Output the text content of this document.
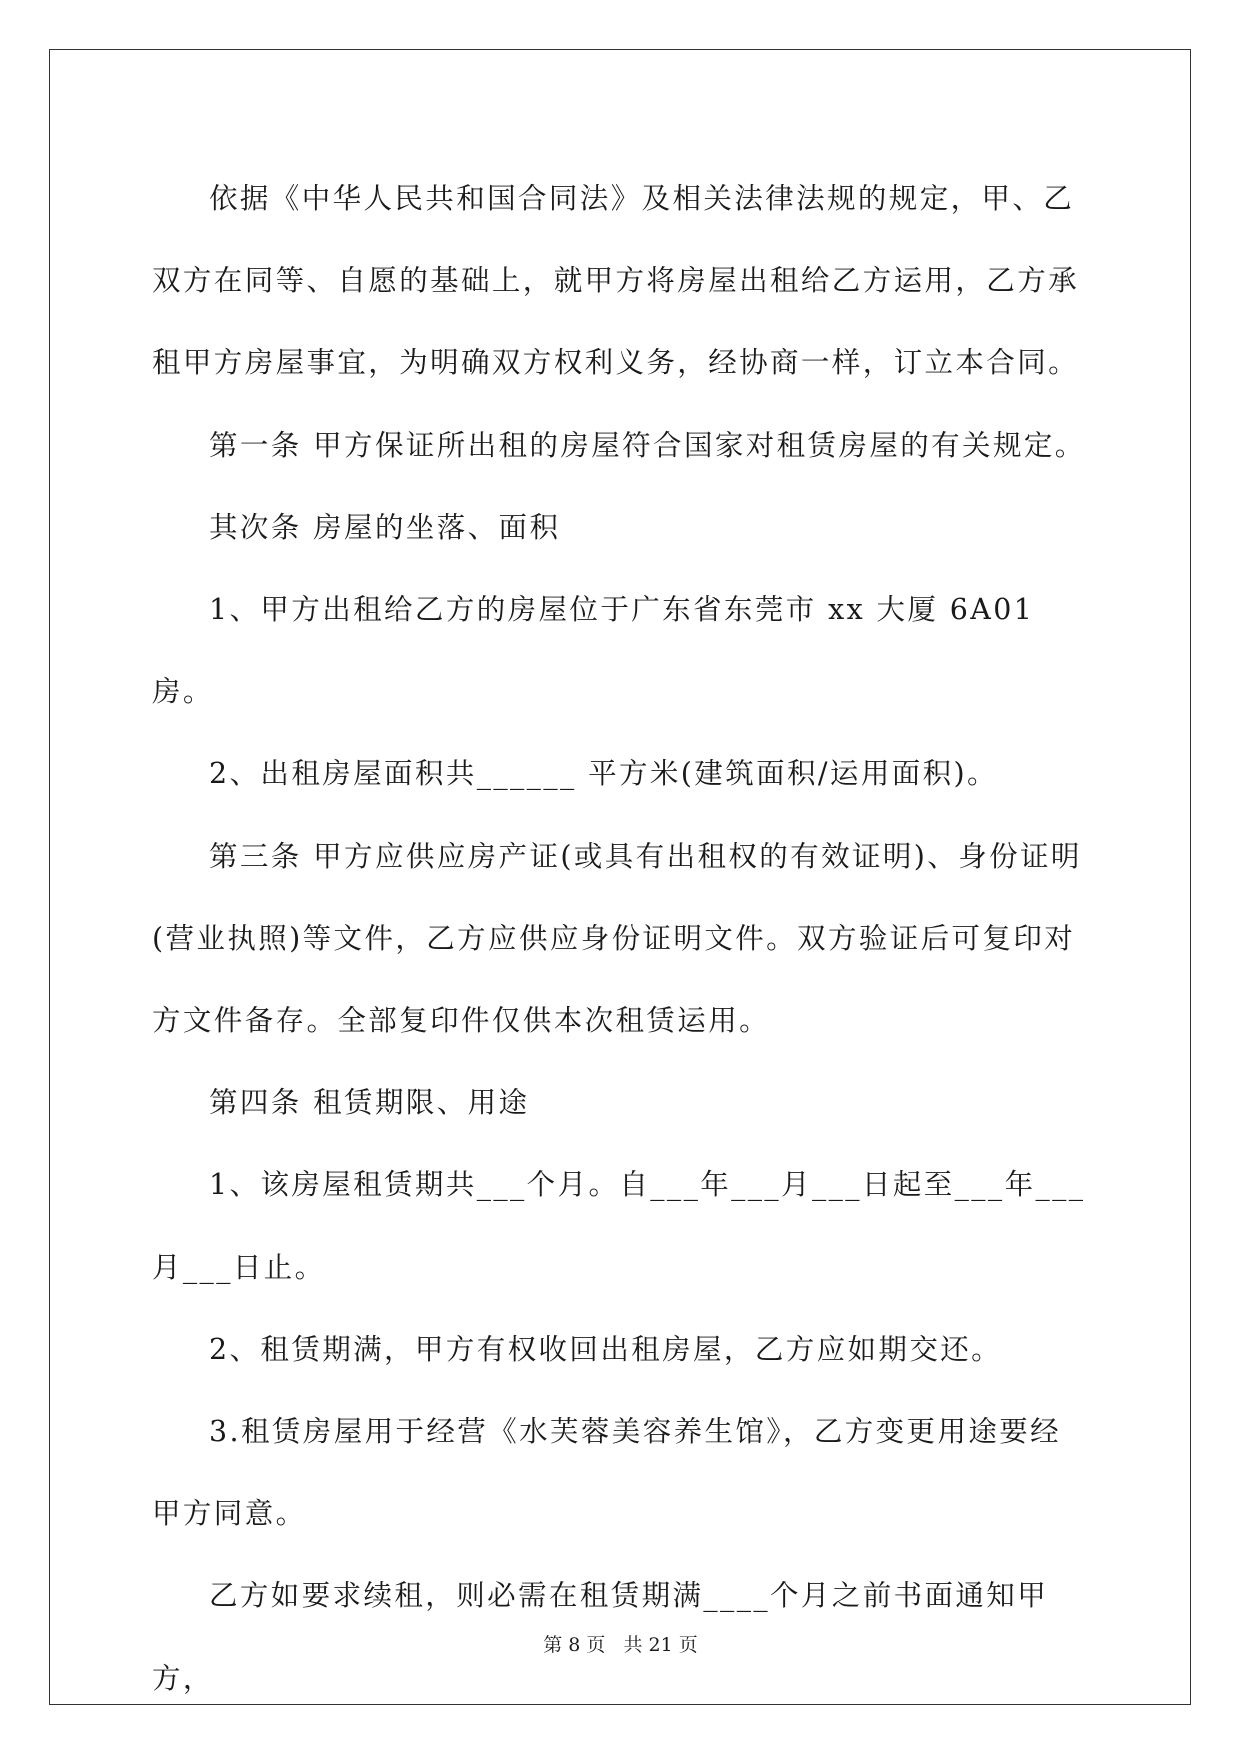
依据《中华人民共和国合同法》及相关法律法规的规定，甲、乙双方在同等、自愿的基础上，就甲方将房屋出租给乙方运用，乙方承租甲方房屋事宜，为明确双方权利义务，经协商一样，订立本合同。

第一条 甲方保证所出租的房屋符合国家对租赁房屋的有关规定。

其次条 房屋的坐落、面积

1、甲方出租给乙方的房屋位于广东省东莞市 xx 大厦 6A01 房。

2、出租房屋面积共______ 平方米(建筑面积/运用面积)。

第三条 甲方应供应房产证(或具有出租权的有效证明)、身份证明(营业执照)等文件，乙方应供应身份证明文件。双方验证后可复印对方文件备存。全部复印件仅供本次租赁运用。

第四条 租赁期限、用途

1、该房屋租赁期共___个月。自___年___月___日起至___年___月___日止。

2、租赁期满，甲方有权收回出租房屋，乙方应如期交还。

3.租赁房屋用于经营《水芙蓉美容养生馆》，乙方变更用途要经甲方同意。

乙方如要求续租，则必需在租赁期满____个月之前书面通知甲方，

第 8 页   共 21 页
